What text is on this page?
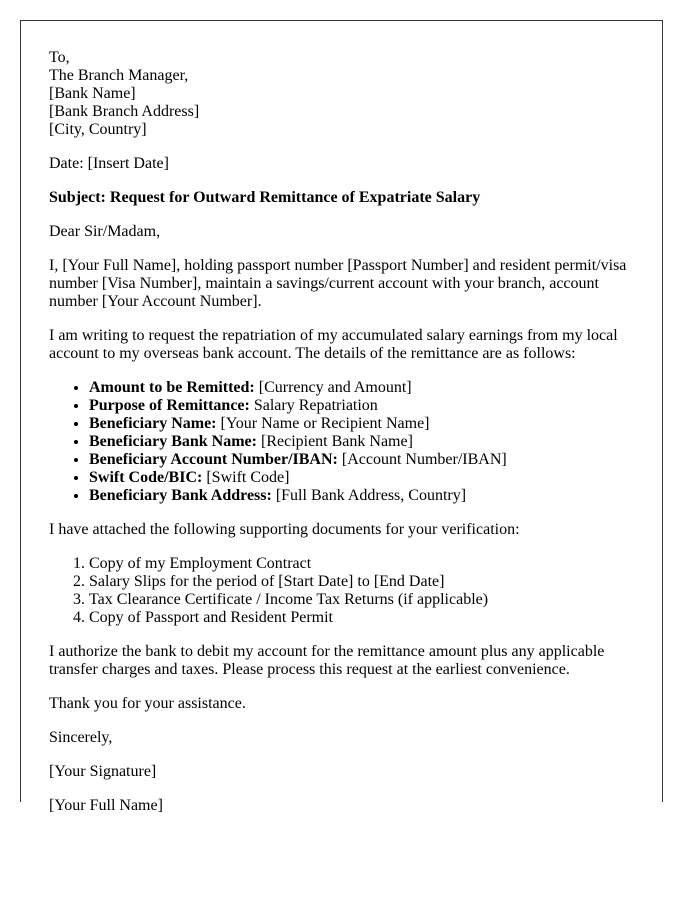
To,

The Branch Manager,

[Bank Name]

[Bank Branch Address]

[City, Country]

Date: [Insert Date]

Subject: Request for Outward Remittance of Expatriate Salary

Dear Sir/Madam,

I, [Your Full Name], holding passport number [Passport Number] and resident permit/visa number [Visa Number], maintain a savings/current account with your branch, account number [Your Account Number].

I am writing to request the repatriation of my accumulated salary earnings from my local account to my overseas bank account. The details of the remittance are as follows:

• Amount to be Remitted: [Currency and Amount]
• Purpose of Remittance: Salary Repatriation
• Beneficiary Name: [Your Name or Recipient Name]
• Beneficiary Bank Name: [Recipient Bank Name]
• Beneficiary Account Number/IBAN: [Account Number/IBAN]
• Swift Code/BIC: [Swift Code]
• Beneficiary Bank Address: [Full Bank Address, Country]

I have attached the following supporting documents for your verification:

1. Copy of my Employment Contract
2. Salary Slips for the period of [Start Date] to [End Date]
3. Tax Clearance Certificate / Income Tax Returns (if applicable)
4. Copy of Passport and Resident Permit

I authorize the bank to debit my account for the remittance amount plus any applicable transfer charges and taxes. Please process this request at the earliest convenience.

Thank you for your assistance.

Sincerely,

[Your Signature]

[Your Full Name]
